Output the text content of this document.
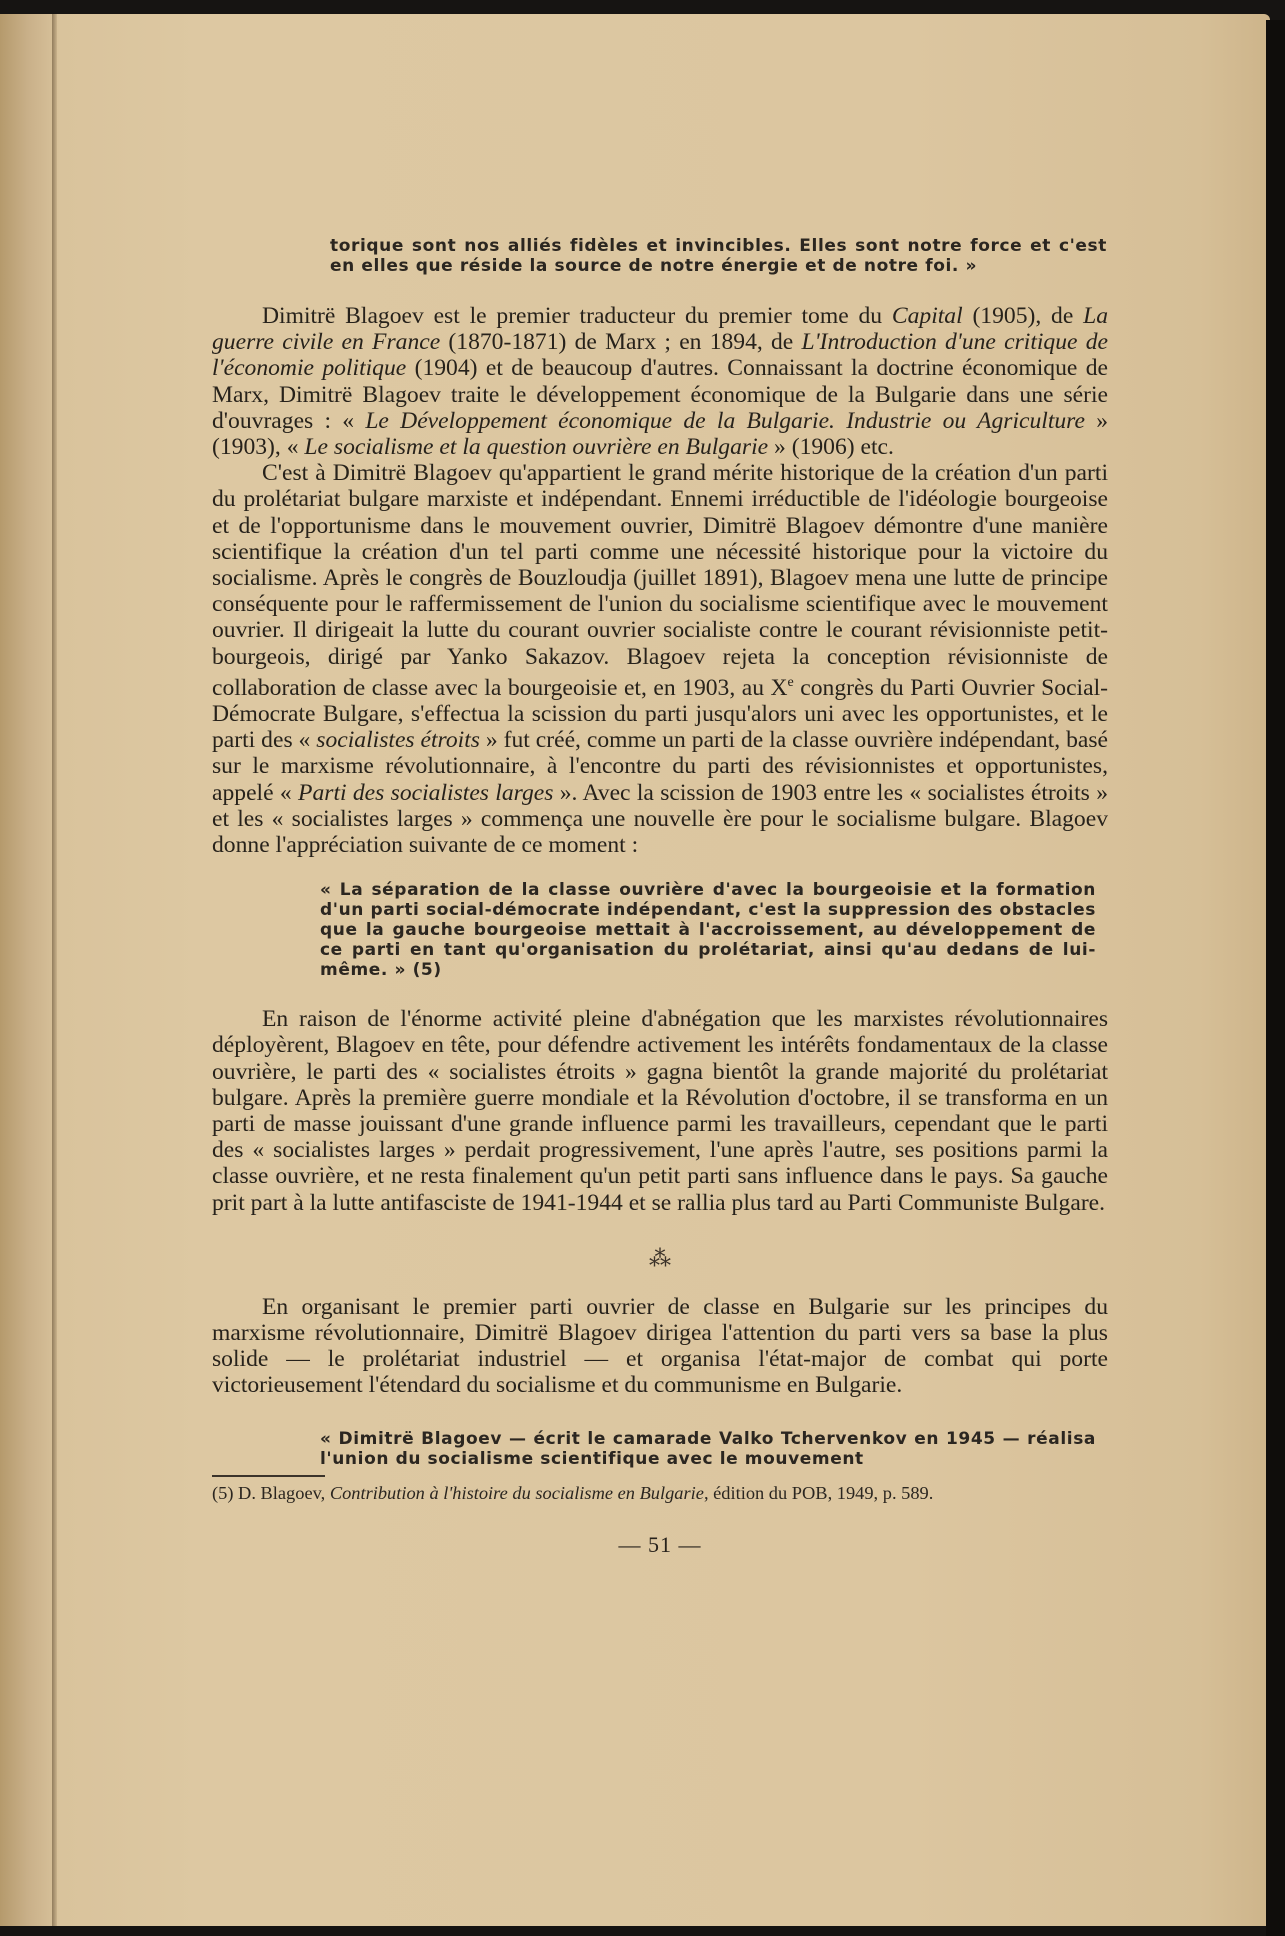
torique sont nos alliés fidèles et invincibles. Elles sont notre force et c'est en elles que réside la source de notre énergie et de notre foi. »

Dimitrë Blagoev est le premier traducteur du premier tome du Capital (1905), de La guerre civile en France (1870-1871) de Marx ; en 1894, de L'Introduction d'une critique de l'économie politique (1904) et de beaucoup d'autres. Connaissant la doctrine économique de Marx, Dimitrë Blagoev traite le développement économique de la Bulgarie dans une série d'ouvrages : « Le Développement économique de la Bulgarie. Industrie ou Agriculture » (1903), « Le socialisme et la question ouvrière en Bulgarie » (1906) etc.

C'est à Dimitrë Blagoev qu'appartient le grand mérite historique de la création d'un parti du prolétariat bulgare marxiste et indépendant. Ennemi irréductible de l'idéologie bourgeoise et de l'opportunisme dans le mouvement ouvrier, Dimitrë Blagoev démontre d'une manière scientifique la création d'un tel parti comme une nécessité historique pour la victoire du socialisme. Après le congrès de Bouzloudja (juillet 1891), Blagoev mena une lutte de principe conséquente pour le raffermissement de l'union du socialisme scientifique avec le mouvement ouvrier. Il dirigeait la lutte du courant ouvrier socialiste contre le courant révisionniste petit-bourgeois, dirigé par Yanko Sakazov. Blagoev rejeta la conception révisionniste de collaboration de classe avec la bourgeoisie et, en 1903, au Xe congrès du Parti Ouvrier Social-Démocrate Bulgare, s'effectua la scission du parti jusqu'alors uni avec les opportunistes, et le parti des « socialistes étroits » fut créé, comme un parti de la classe ouvrière indépendant, basé sur le marxisme révolutionnaire, à l'encontre du parti des révisionnistes et opportunistes, appelé « Parti des socialistes larges ». Avec la scission de 1903 entre les « socialistes étroits » et les « socialistes larges » commença une nouvelle ère pour le socialisme bulgare. Blagoev donne l'appréciation suivante de ce moment :

« La séparation de la classe ouvrière d'avec la bourgeoisie et la formation d'un parti social-démocrate indépendant, c'est la suppression des obstacles que la gauche bourgeoise mettait à l'accroissement, au développement de ce parti en tant qu'organisation du prolétariat, ainsi qu'au dedans de lui-même. » (5)

En raison de l'énorme activité pleine d'abnégation que les marxistes révolutionnaires déployèrent, Blagoev en tête, pour défendre activement les intérêts fondamentaux de la classe ouvrière, le parti des « socialistes étroits » gagna bientôt la grande majorité du prolétariat bulgare. Après la première guerre mondiale et la Révolution d'octobre, il se transforma en un parti de masse jouissant d'une grande influence parmi les travailleurs, cependant que le parti des « socialistes larges » perdait progressivement, l'une après l'autre, ses positions parmi la classe ouvrière, et ne resta finalement qu'un petit parti sans influence dans le pays. Sa gauche prit part à la lutte antifasciste de 1941-1944 et se rallia plus tard au Parti Communiste Bulgare.

⁂

En organisant le premier parti ouvrier de classe en Bulgarie sur les principes du marxisme révolutionnaire, Dimitrë Blagoev dirigea l'attention du parti vers sa base la plus solide — le prolétariat industriel — et organisa l'état-major de combat qui porte victorieusement l'étendard du socialisme et du communisme en Bulgarie.

« Dimitrë Blagoev — écrit le camarade Valko Tchervenkov en 1945 — réalisa l'union du socialisme scientifique avec le mouvement

(5) D. Blagoev, Contribution à l'histoire du socialisme en Bulgarie, édition du POB, 1949, p. 589.

— 51 —
